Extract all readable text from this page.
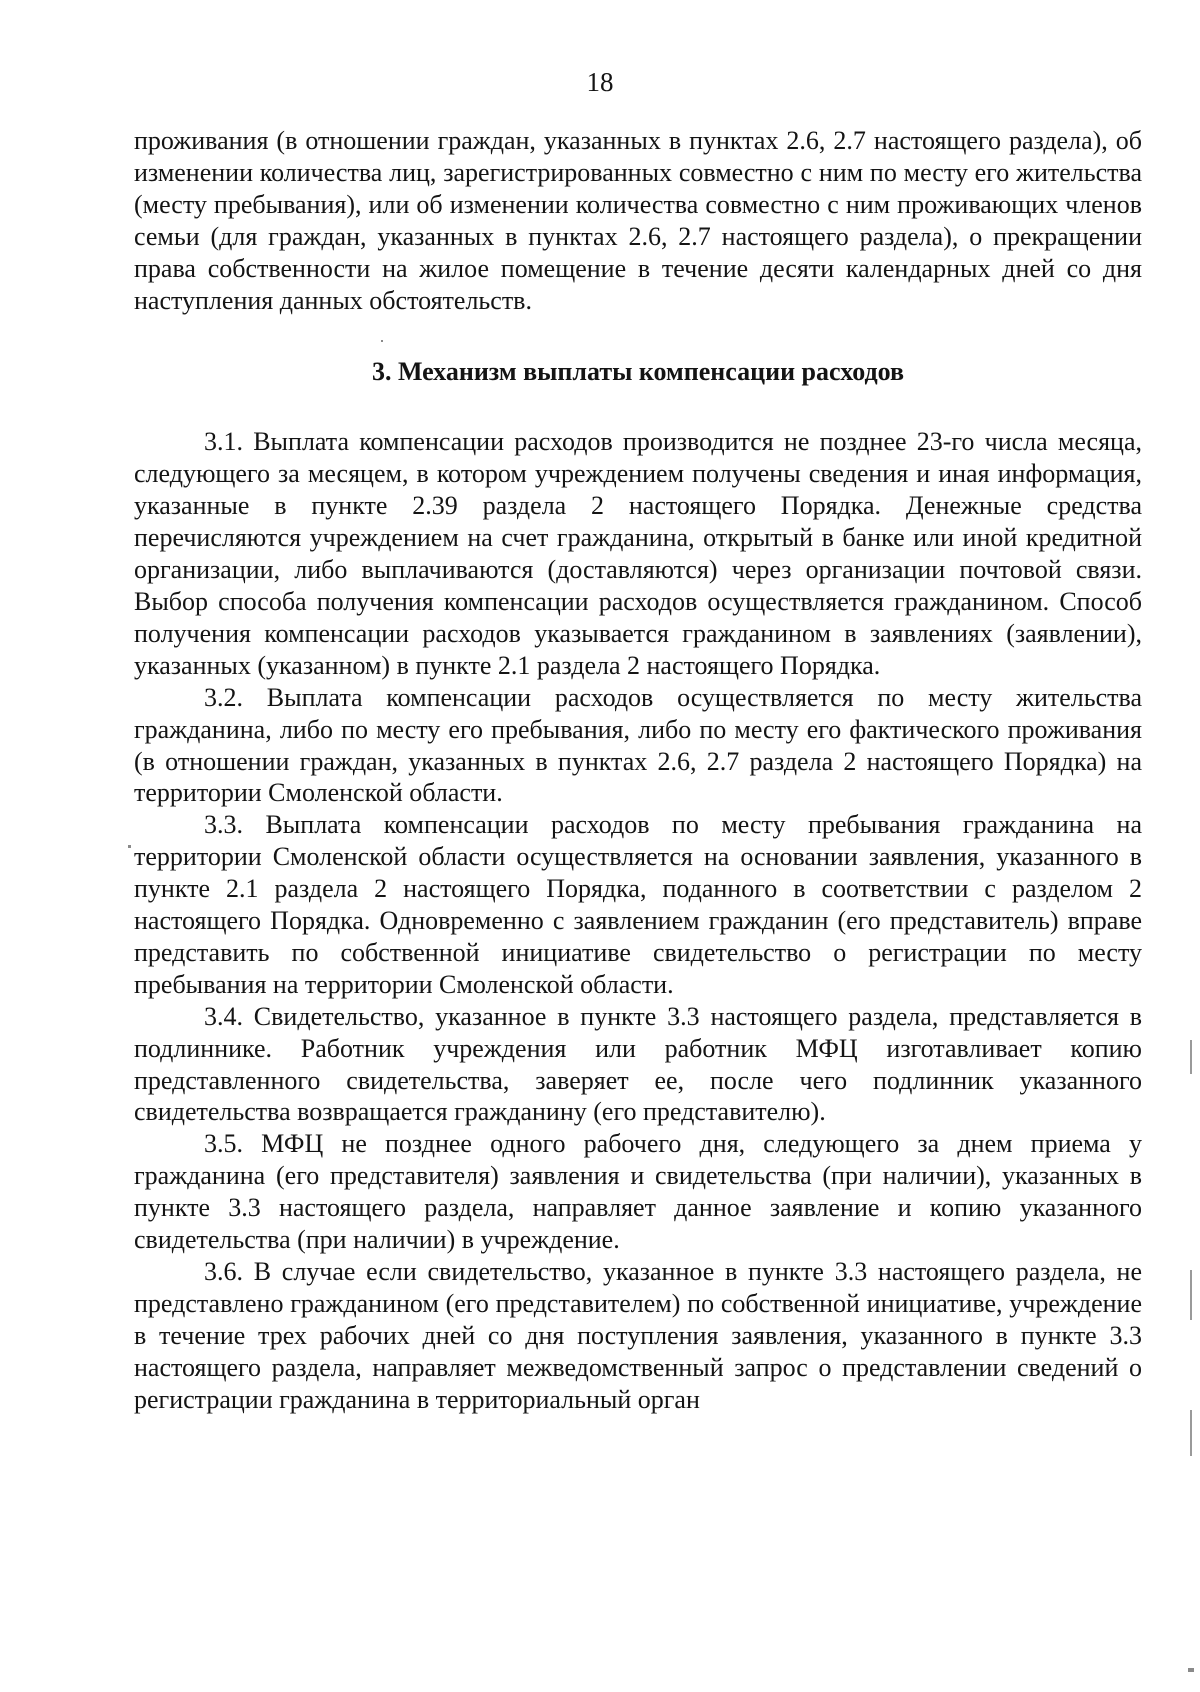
18

проживания (в отношении граждан, указанных в пунктах 2.6, 2.7 настоящего раздела), об изменении количества лиц, зарегистрированных совместно с ним по месту его жительства (месту пребывания), или об изменении количества совместно с ним проживающих членов семьи (для граждан, указанных в пунктах 2.6, 2.7 настоящего раздела), о прекращении права собственности на жилое помещение в течение десяти календарных дней со дня наступления данных обстоятельств.

3. Механизм выплаты компенсации расходов

3.1. Выплата компенсации расходов производится не позднее 23-го числа месяца, следующего за месяцем, в котором учреждением получены сведения и иная информация, указанные в пункте 2.39 раздела 2 настоящего Порядка. Денежные средства перечисляются учреждением на счет гражданина, открытый в банке или иной кредитной организации, либо выплачиваются (доставляются) через организации почтовой связи. Выбор способа получения компенсации расходов осуществляется гражданином. Способ получения компенсации расходов указывается гражданином в заявлениях (заявлении), указанных (указанном) в пункте 2.1 раздела 2 настоящего Порядка.

3.2. Выплата компенсации расходов осуществляется по месту жительства гражданина, либо по месту его пребывания, либо по месту его фактического проживания (в отношении граждан, указанных в пунктах 2.6, 2.7 раздела 2 настоящего Порядка) на территории Смоленской области.

3.3. Выплата компенсации расходов по месту пребывания гражданина на территории Смоленской области осуществляется на основании заявления, указанного в пункте 2.1 раздела 2 настоящего Порядка, поданного в соответствии с разделом 2 настоящего Порядка. Одновременно с заявлением гражданин (его представитель) вправе представить по собственной инициативе свидетельство о регистрации по месту пребывания на территории Смоленской области.

3.4. Свидетельство, указанное в пункте 3.3 настоящего раздела, представляется в подлиннике. Работник учреждения или работник МФЦ изготавливает копию представленного свидетельства, заверяет ее, после чего подлинник указанного свидетельства возвращается гражданину (его представителю).

3.5. МФЦ не позднее одного рабочего дня, следующего за днем приема у гражданина (его представителя) заявления и свидетельства (при наличии), указанных в пункте 3.3 настоящего раздела, направляет данное заявление и копию указанного свидетельства (при наличии) в учреждение.

3.6. В случае если свидетельство, указанное в пункте 3.3 настоящего раздела, не представлено гражданином (его представителем) по собственной инициативе, учреждение в течение трех рабочих дней со дня поступления заявления, указанного в пункте 3.3 настоящего раздела, направляет межведомственный запрос о представлении сведений о регистрации гражданина в территориальный орган
